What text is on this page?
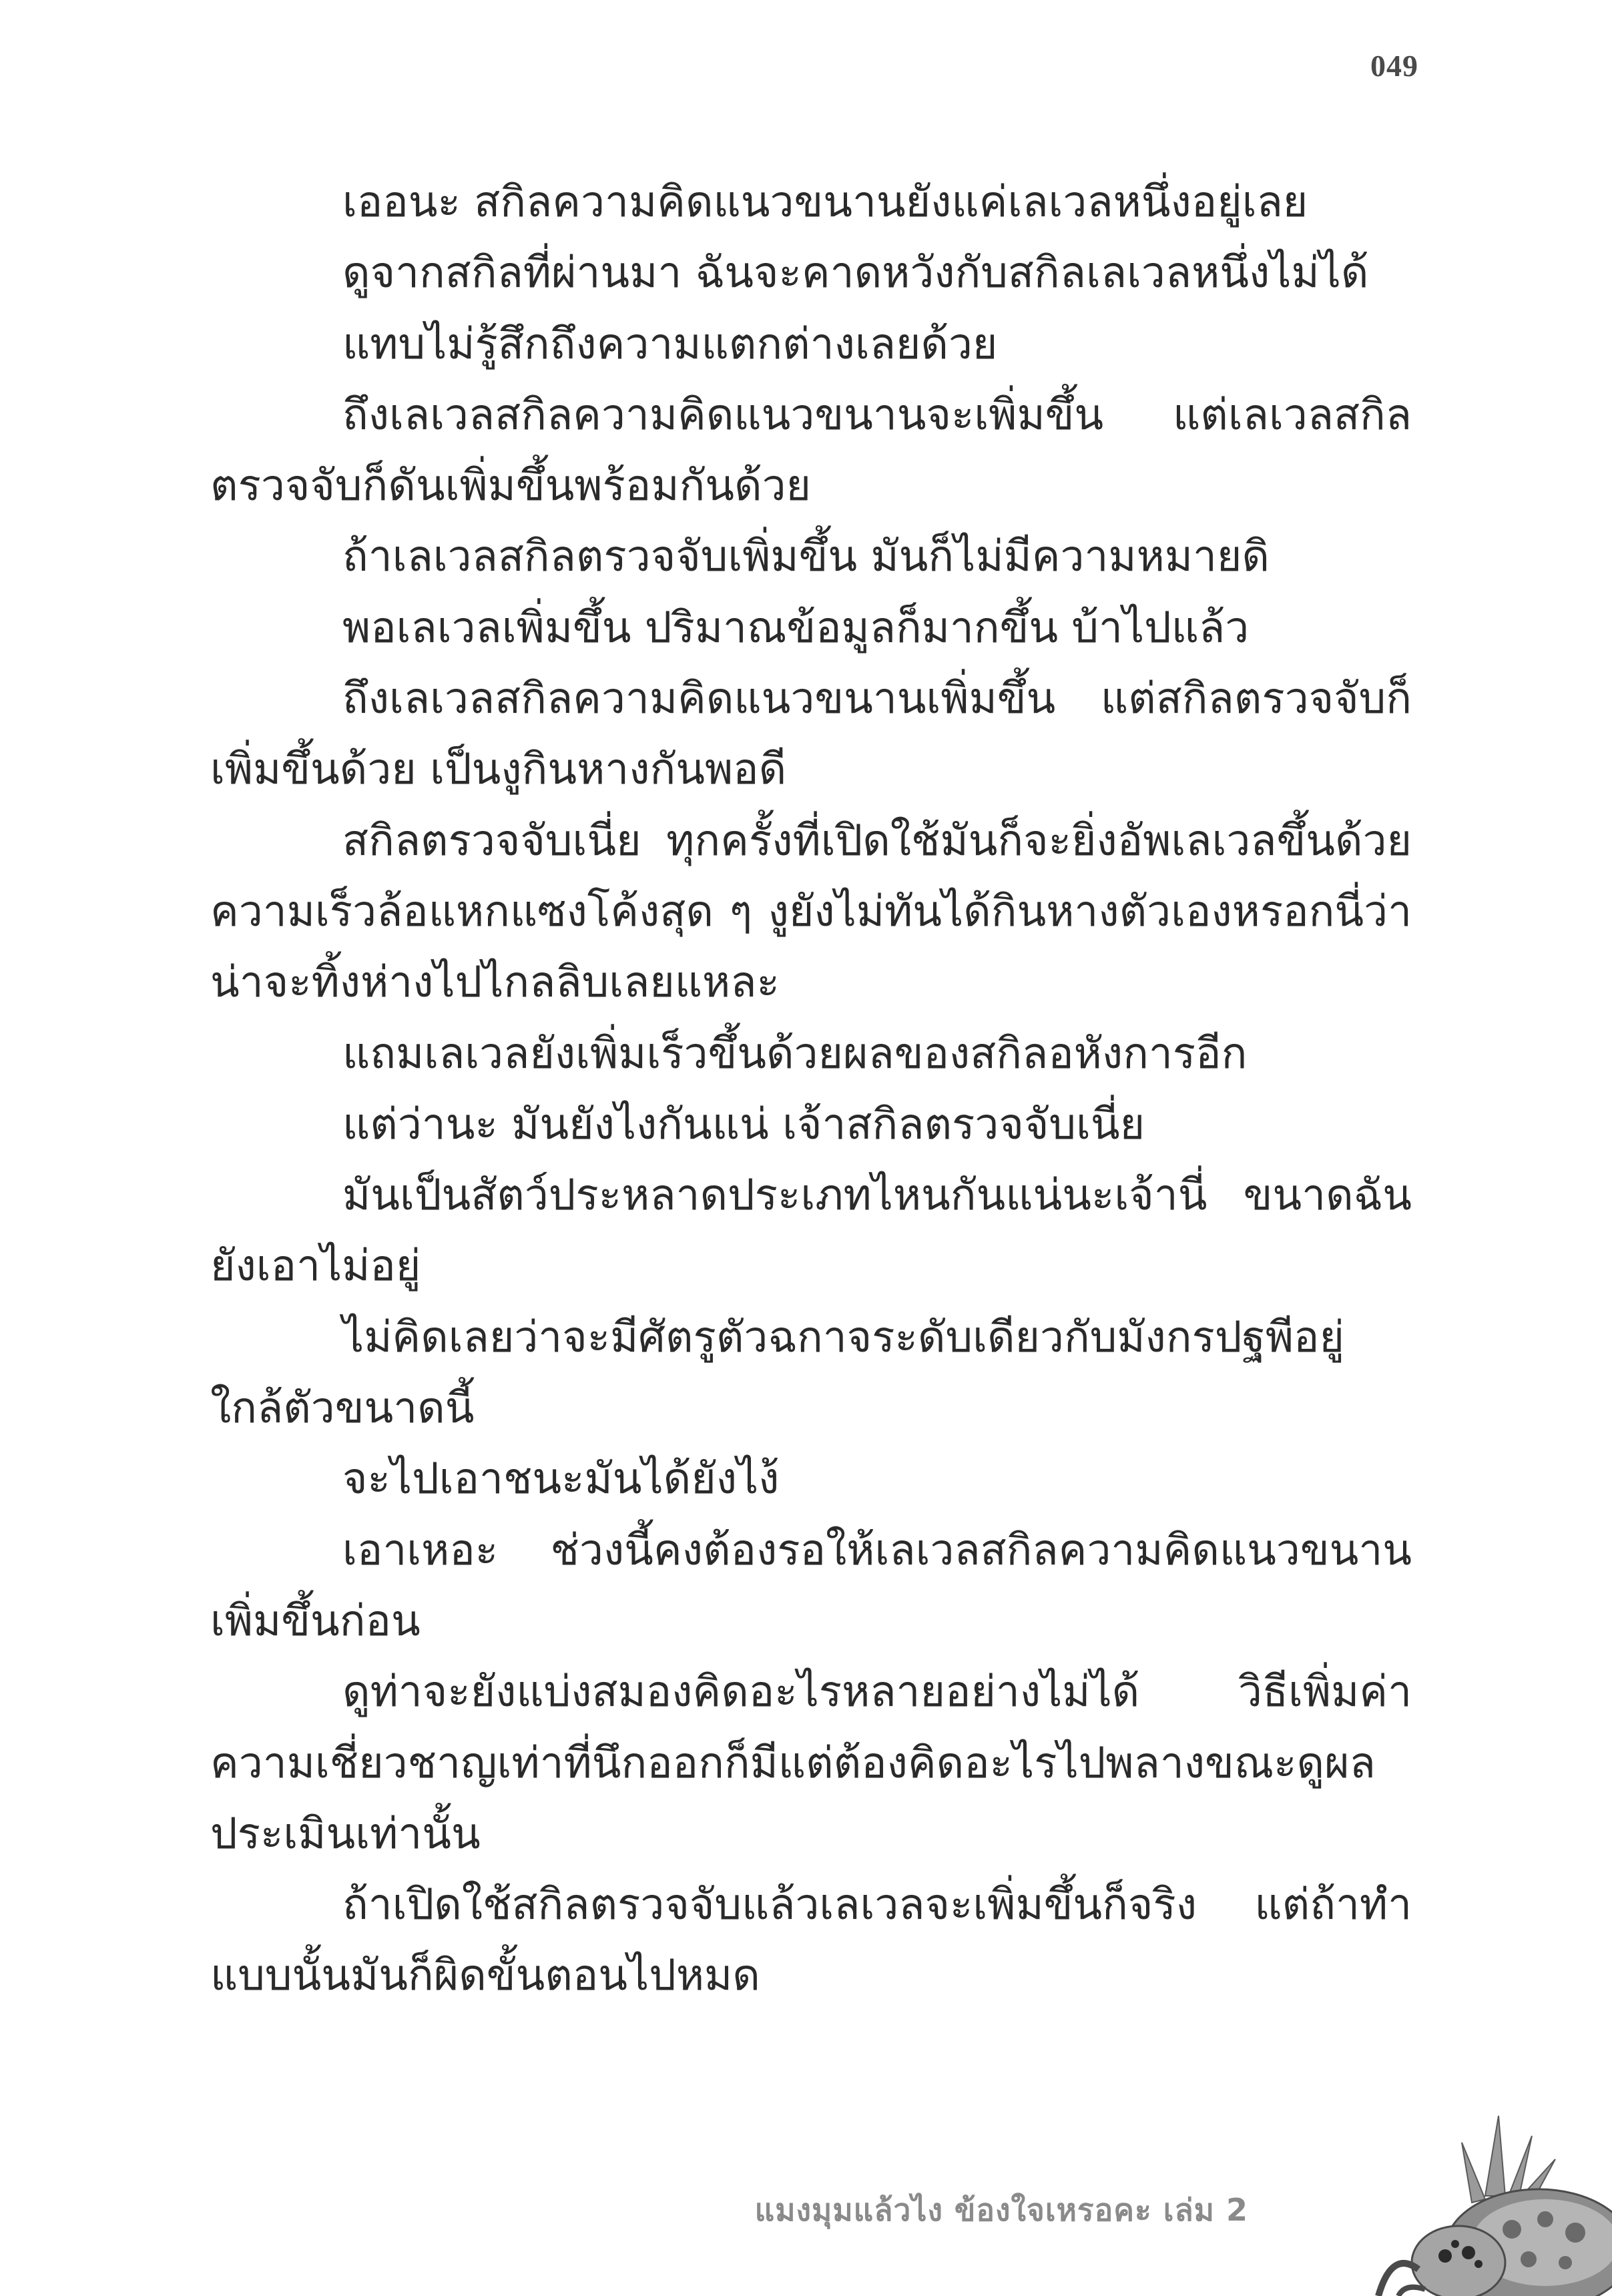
049

เออนะ สกิลความคิดแนวขนานยังแค่เลเวลหนึ่งอยู่เลย

ดูจากสกิลที่ผ่านมา ฉันจะคาดหวังกับสกิลเลเวลหนึ่งไม่ได้

แทบไม่รู้สึกถึงความแตกต่างเลยด้วย

ถึงเลเวลสกิลความคิดแนวขนานจะเพิ่มขึ้น แต่เลเวลสกิลตรวจจับก็ดันเพิ่มขึ้นพร้อมกันด้วย

ถ้าเลเวลสกิลตรวจจับเพิ่มขึ้น มันก็ไม่มีความหมายดิ

พอเลเวลเพิ่มขึ้น ปริมาณข้อมูลก็มากขึ้น บ้าไปแล้ว

ถึงเลเวลสกิลความคิดแนวขนานเพิ่มขึ้น แต่สกิลตรวจจับก็เพิ่มขึ้นด้วย เป็นงูกินหางกันพอดี

สกิลตรวจจับเนี่ย ทุกครั้งที่เปิดใช้มันก็จะยิ่งอัพเลเวลขึ้นด้วยความเร็วล้อแหกแซงโค้งสุด ๆ งูยังไม่ทันได้กินหางตัวเองหรอกนี่ว่าน่าจะทิ้งห่างไปไกลลิบเลยแหละ

แถมเลเวลยังเพิ่มเร็วขึ้นด้วยผลของสกิลอหังการอีก

แต่ว่านะ มันยังไงกันแน่ เจ้าสกิลตรวจจับเนี่ย

มันเป็นสัตว์ประหลาดประเภทไหนกันแน่นะเจ้านี่ ขนาดฉันยังเอาไม่อยู่

ไม่คิดเลยว่าจะมีศัตรูตัวฉกาจระดับเดียวกับมังกรปฐพีอยู่ใกล้ตัวขนาดนี้

จะไปเอาชนะมันได้ยังไง้

เอาเหอะ ช่วงนี้คงต้องรอให้เลเวลสกิลความคิดแนวขนานเพิ่มขึ้นก่อน

ดูท่าจะยังแบ่งสมองคิดอะไรหลายอย่างไม่ได้ วิธีเพิ่มค่าความเชี่ยวชาญเท่าที่นึกออกก็มีแต่ต้องคิดอะไรไปพลางขณะดูผลประเมินเท่านั้น

ถ้าเปิดใช้สกิลตรวจจับแล้วเลเวลจะเพิ่มขึ้นก็จริง แต่ถ้าทำแบบนั้นมันก็ผิดขั้นตอนไปหมด

แมงมุมแล้วไง ข้องใจเหรอคะ เล่ม 2
